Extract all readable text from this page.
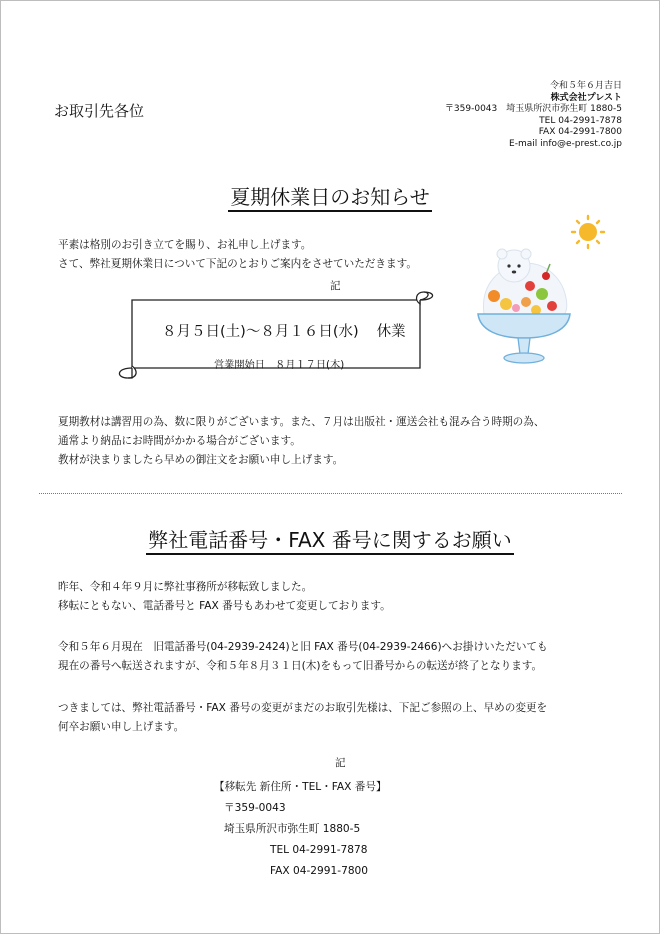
お取引先各位
令和５年６月吉日
株式会社プレスト
〒359-0043　埼玉県所沢市弥生町 1880-5
TEL 04-2991-7878
FAX 04-2991-7800
E-mail info@e-prest.co.jp
夏期休業日のお知らせ
平素は格別のお引き立てを賜り、お礼申し上げます。
さて、弊社夏期休業日について下記のとおりご案内をさせていただきます。
記
８月５日(土)～８月１６日(水) 休業
営業開始日　８月１７日(木)
夏期教材は講習用の為、数に限りがございます。また、７月は出版社・運送会社も混み合う時期の為、
通常より納品にお時間がかかる場合がございます。
教材が決まりましたら早めの御注文をお願い申し上げます。
弊社電話番号・FAX 番号に関するお願い
昨年、令和４年９月に弊社事務所が移転致しました。
移転にともない、電話番号と FAX 番号もあわせて変更しております。
令和５年６月現在　旧電話番号(04-2939-2424)と旧 FAX 番号(04-2939-2466)へお掛けいただいても
現在の番号へ転送されますが、令和５年８月３１日(木)をもって旧番号からの転送が終了となります。
つきましては、弊社電話番号・FAX 番号の変更がまだのお取引先様は、下記ご参照の上、早めの変更を
何卒お願い申し上げます。
記
【移転先 新住所・TEL・FAX 番号】
〒359-0043
埼玉県所沢市弥生町 1880-5
TEL 04-2991-7878
FAX 04-2991-7800
